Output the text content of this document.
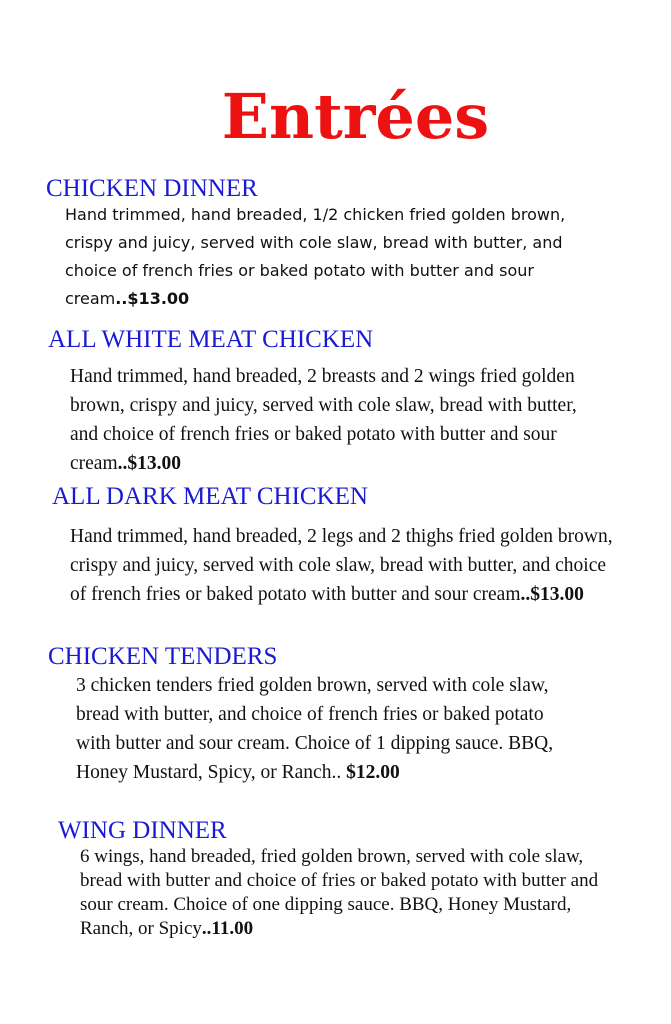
Entrées
CHICKEN DINNER

Hand trimmed, hand breaded, 1/2 chicken fried golden brown, crispy and juicy, served with cole slaw, bread with butter, and choice of french fries or baked potato with butter and sour cream..$13.00

ALL WHITE MEAT CHICKEN

Hand trimmed, hand breaded, 2 breasts and 2 wings fried golden brown, crispy and juicy, served with cole slaw, bread with butter, and choice of french fries or baked potato with butter and sour cream..$13.00

ALL DARK MEAT CHICKEN

Hand trimmed, hand breaded, 2 legs and 2 thighs fried golden brown, crispy and juicy, served with cole slaw, bread with butter, and choice of french fries or baked potato with butter and sour cream..$13.00

CHICKEN TENDERS

3 chicken tenders fried golden brown, served with cole slaw, bread with butter, and choice of french fries or baked potato with butter and sour cream. Choice of 1 dipping sauce. BBQ, Honey Mustard, Spicy, or Ranch.. $12.00

WING DINNER

6 wings, hand breaded, fried golden brown, served with cole slaw, bread with butter and choice of fries or baked potato with butter and sour cream. Choice of one dipping sauce. BBQ, Honey Mustard, Ranch, or Spicy..11.00
